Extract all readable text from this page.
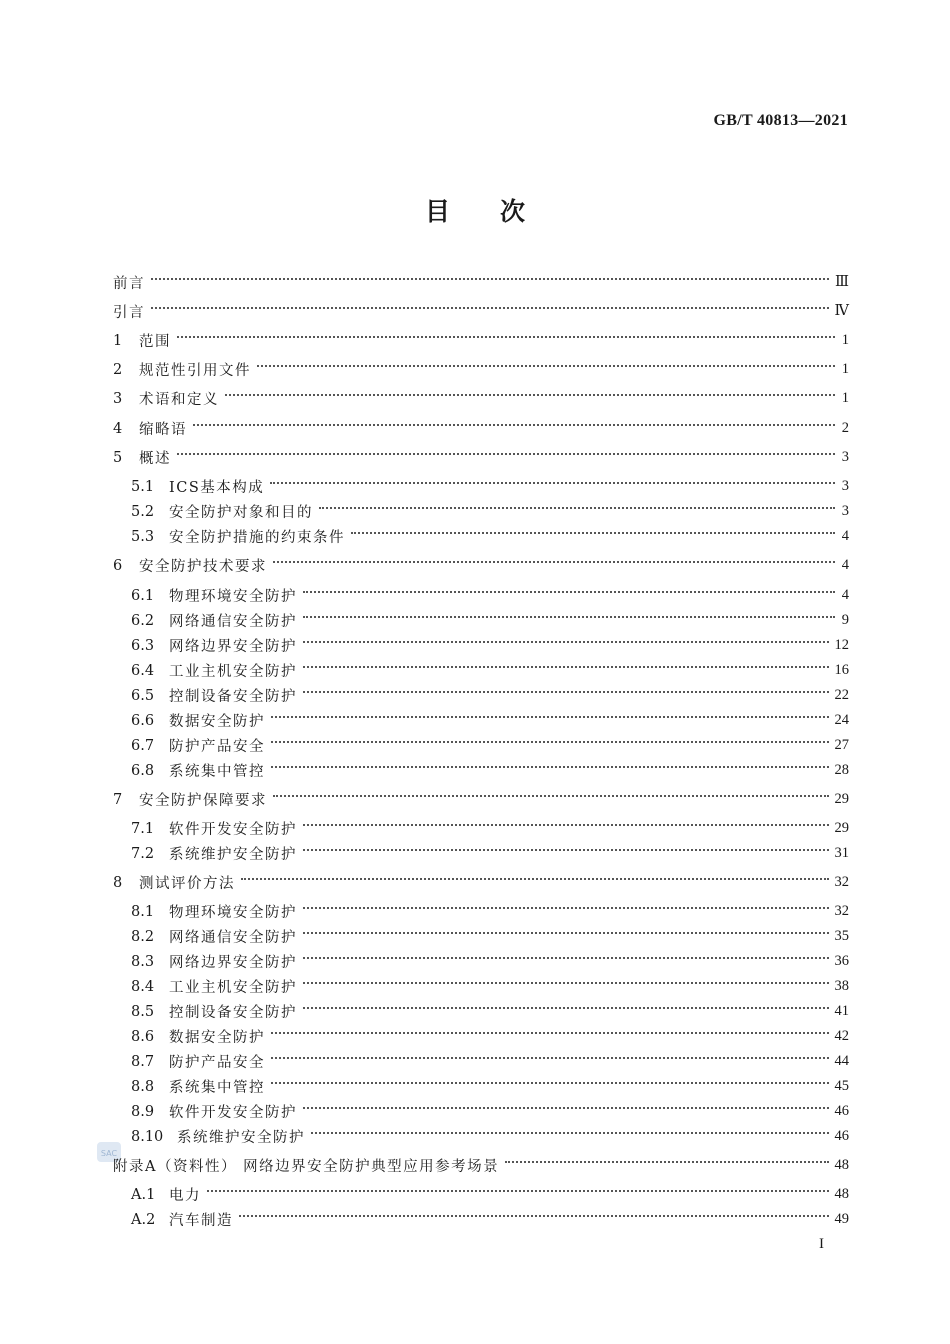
GB/T 40813—2021
目次
SAC
前言	Ⅲ
引言	Ⅳ
1	范围	1
2	规范性引用文件	1
3	术语和定义	1
4	缩略语	2
5	概述	3
5.1	ICS基本构成	3
5.2	安全防护对象和目的	3
5.3	安全防护措施的约束条件	4
6	安全防护技术要求	4
6.1	物理环境安全防护	4
6.2	网络通信安全防护	9
6.3	网络边界安全防护	12
6.4	工业主机安全防护	16
6.5	控制设备安全防护	22
6.6	数据安全防护	24
6.7	防护产品安全	27
6.8	系统集中管控	28
7	安全防护保障要求	29
7.1	软件开发安全防护	29
7.2	系统维护安全防护	31
8	测试评价方法	32
8.1	物理环境安全防护	32
8.2	网络通信安全防护	35
8.3	网络边界安全防护	36
8.4	工业主机安全防护	38
8.5	控制设备安全防护	41
8.6	数据安全防护	42
8.7	防护产品安全	44
8.8	系统集中管控	45
8.9	软件开发安全防护	46
8.10 系统维护安全防护	46
附录A（资料性） 网络边界安全防护典型应用参考场景	48
A.1 电力	48
A.2 汽车制造	49
I
